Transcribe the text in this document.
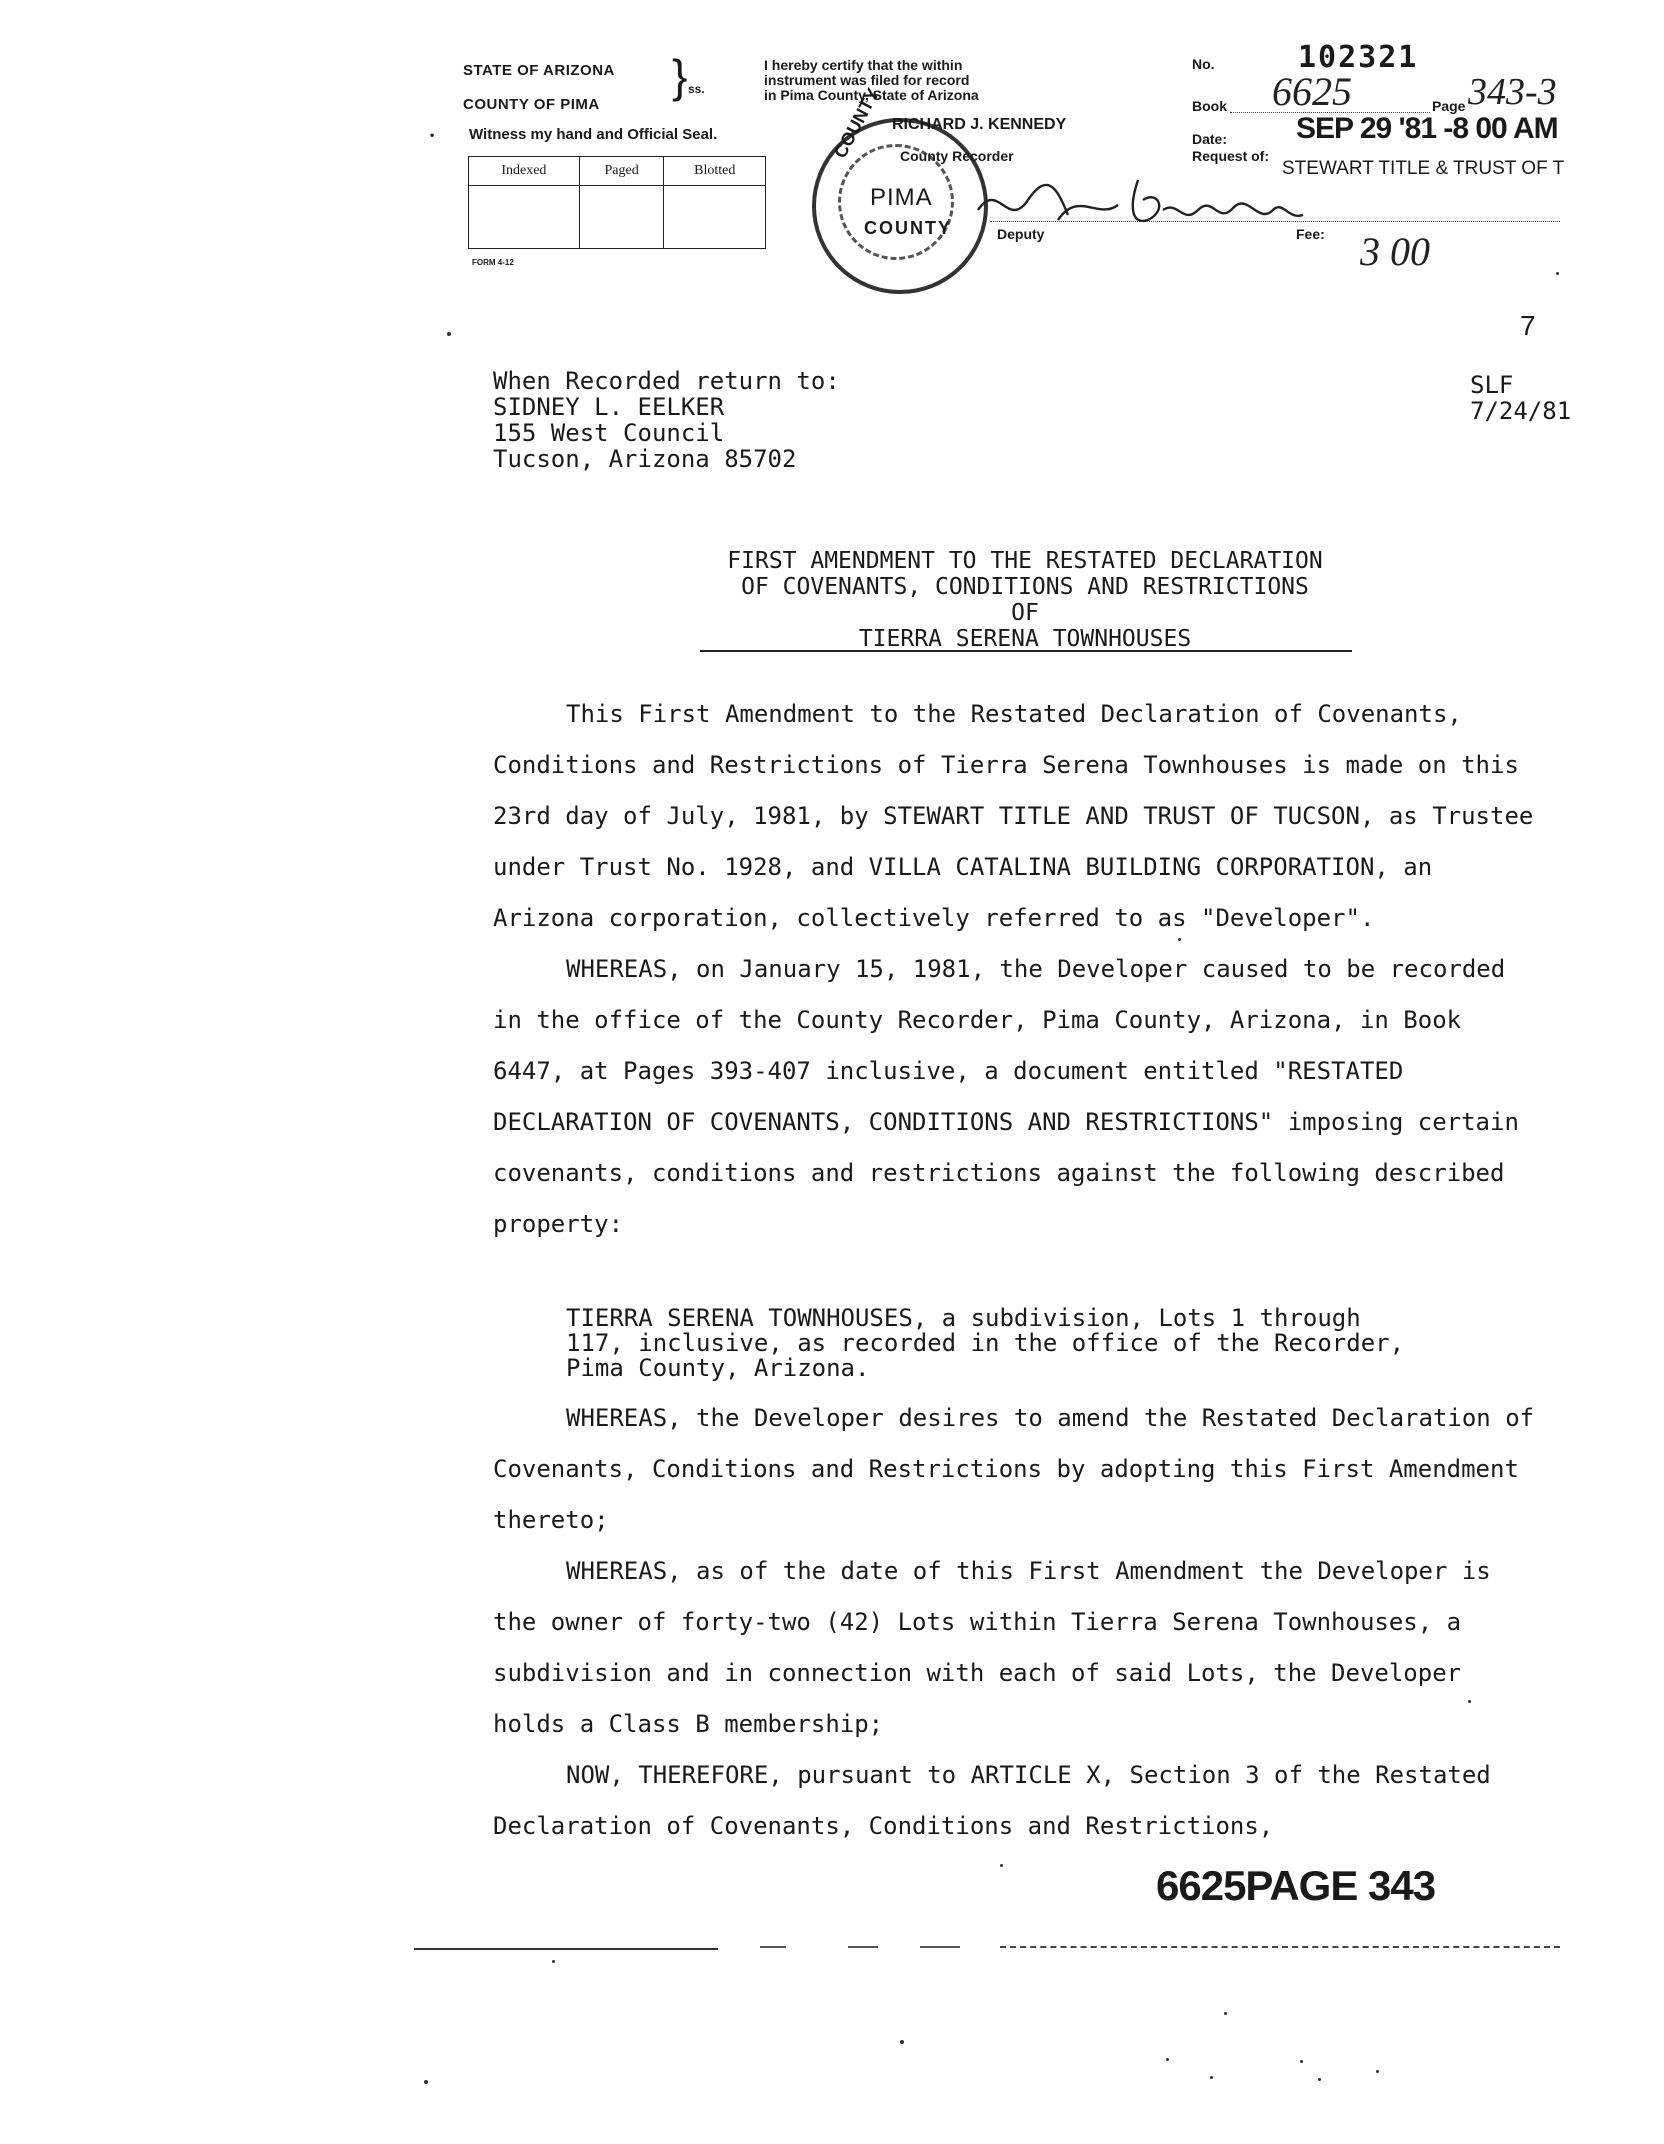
STATE OF ARIZONA
COUNTY OF PIMA
} ss.
• Witness my hand and Official Seal.
Indexed	Paged	Blotted

FORM 4-12
I hereby certify that the within
instrument was filed for record
in Pima County, State of Arizona
COUNTY
PIMA
COUNTY
RICHARD J. KENNEDY
County Recorder
Deputy
No.	102321
Book 6625	Page 343-3
Date: SEP 29 '81 -8 00 AM
Request of:
STEWART TITLE & TRUST OF T
Fee: 3 00
7
When Recorded return to:
SIDNEY L. EELKER
155 West Council
Tucson, Arizona 85702
SLF
7/24/81
FIRST AMENDMENT TO THE RESTATED DECLARATION
OF COVENANTS, CONDITIONS AND RESTRICTIONS
OF
TIERRA SERENA TOWNHOUSES

This First Amendment to the Restated Declaration of Covenants, Conditions and Restrictions of Tierra Serena Townhouses is made on this 23rd day of July, 1981, by STEWART TITLE AND TRUST OF TUCSON, as Trustee under Trust No. 1928, and VILLA CATALINA BUILDING CORPORATION, an Arizona corporation, collectively referred to as "Developer".

WHEREAS, on January 15, 1981, the Developer caused to be recorded in the office of the County Recorder, Pima County, Arizona, in Book 6447, at Pages 393-407 inclusive, a document entitled "RESTATED DECLARATION OF COVENANTS, CONDITIONS AND RESTRICTIONS" imposing certain covenants, conditions and restrictions against the following described property:

TIERRA SERENA TOWNHOUSES, a subdivision, Lots 1 through
117, inclusive, as recorded in the office of the Recorder,
Pima County, Arizona.

WHEREAS, the Developer desires to amend the Restated Declaration of Covenants, Conditions and Restrictions by adopting this First Amendment thereto;

WHEREAS, as of the date of this First Amendment the Developer is the owner of forty-two (42) Lots within Tierra Serena Townhouses, a subdivision and in connection with each of said Lots, the Developer holds a Class B membership;

NOW, THEREFORE, pursuant to ARTICLE X, Section 3 of the Restated Declaration of Covenants, Conditions and Restrictions,

6625PAGE 343
